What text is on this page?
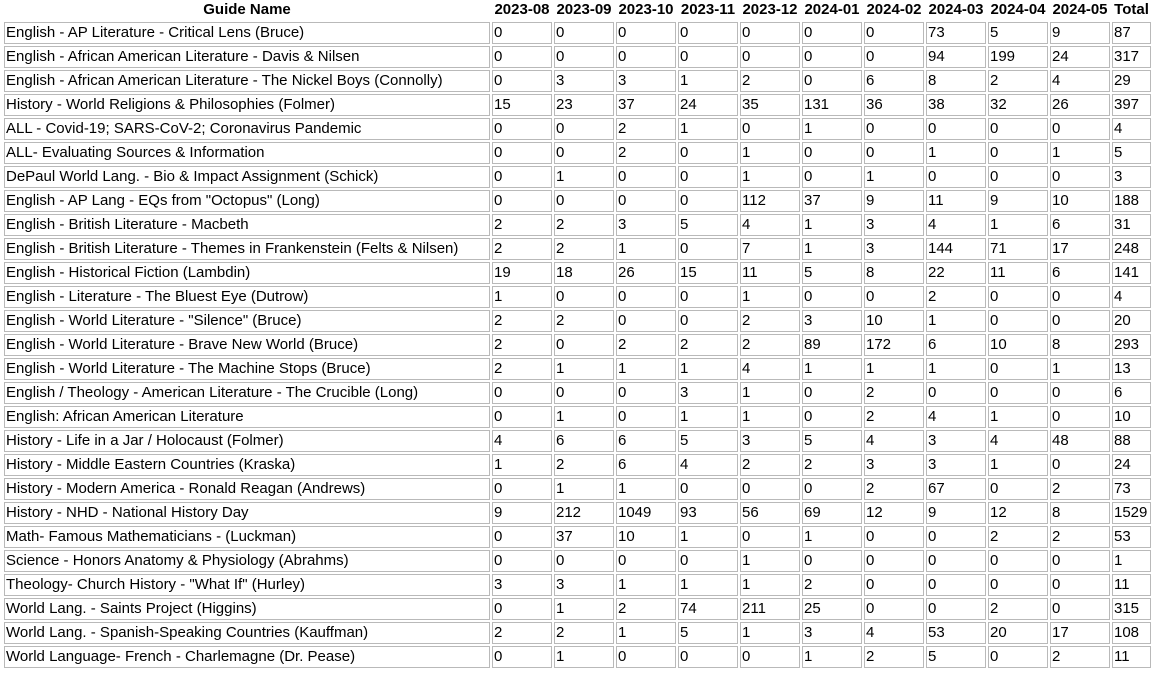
Guide Name	2023-08	2023-09	2023-10	2023-11	2023-12	2024-01	2024-02	2024-03	2024-04	2024-05	Total
English - AP Literature - Critical Lens (Bruce)	0	0	0	0	0	0	0	73	5	9	87
English - African American Literature - Davis & Nilsen	0	0	0	0	0	0	0	94	199	24	317
English - African American Literature - The Nickel Boys (Connolly)	0	3	3	1	2	0	6	8	2	4	29
History - World Religions & Philosophies (Folmer)	15	23	37	24	35	131	36	38	32	26	397
ALL - Covid-19; SARS-CoV-2; Coronavirus Pandemic	0	0	2	1	0	1	0	0	0	0	4
ALL- Evaluating Sources & Information	0	0	2	0	1	0	0	1	0	1	5
DePaul World Lang. - Bio & Impact Assignment (Schick)	0	1	0	0	1	0	1	0	0	0	3
English - AP Lang - EQs from "Octopus" (Long)	0	0	0	0	112	37	9	11	9	10	188
English - British Literature - Macbeth	2	2	3	5	4	1	3	4	1	6	31
English - British Literature - Themes in Frankenstein (Felts & Nilsen)	2	2	1	0	7	1	3	144	71	17	248
English - Historical Fiction (Lambdin)	19	18	26	15	11	5	8	22	11	6	141
English - Literature - The Bluest Eye (Dutrow)	1	0	0	0	1	0	0	2	0	0	4
English - World Literature - "Silence" (Bruce)	2	2	0	0	2	3	10	1	0	0	20
English - World Literature - Brave New World (Bruce)	2	0	2	2	2	89	172	6	10	8	293
English - World Literature - The Machine Stops (Bruce)	2	1	1	1	4	1	1	1	0	1	13
English / Theology - American Literature - The Crucible (Long)	0	0	0	3	1	0	2	0	0	0	6
English: African American Literature	0	1	0	1	1	0	2	4	1	0	10
History - Life in a Jar / Holocaust (Folmer)	4	6	6	5	3	5	4	3	4	48	88
History - Middle Eastern Countries (Kraska)	1	2	6	4	2	2	3	3	1	0	24
History - Modern America - Ronald Reagan (Andrews)	0	1	1	0	0	0	2	67	0	2	73
History - NHD - National History Day	9	212	1049	93	56	69	12	9	12	8	1529
Math- Famous Mathematicians - (Luckman)	0	37	10	1	0	1	0	0	2	2	53
Science - Honors Anatomy & Physiology (Abrahms)	0	0	0	0	1	0	0	0	0	0	1
Theology- Church History - "What If" (Hurley)	3	3	1	1	1	2	0	0	0	0	11
World Lang. - Saints Project (Higgins)	0	1	2	74	211	25	0	0	2	0	315
World Lang. - Spanish-Speaking Countries (Kauffman)	2	2	1	5	1	3	4	53	20	17	108
World Language- French - Charlemagne (Dr. Pease)	0	1	0	0	0	1	2	5	0	2	11
